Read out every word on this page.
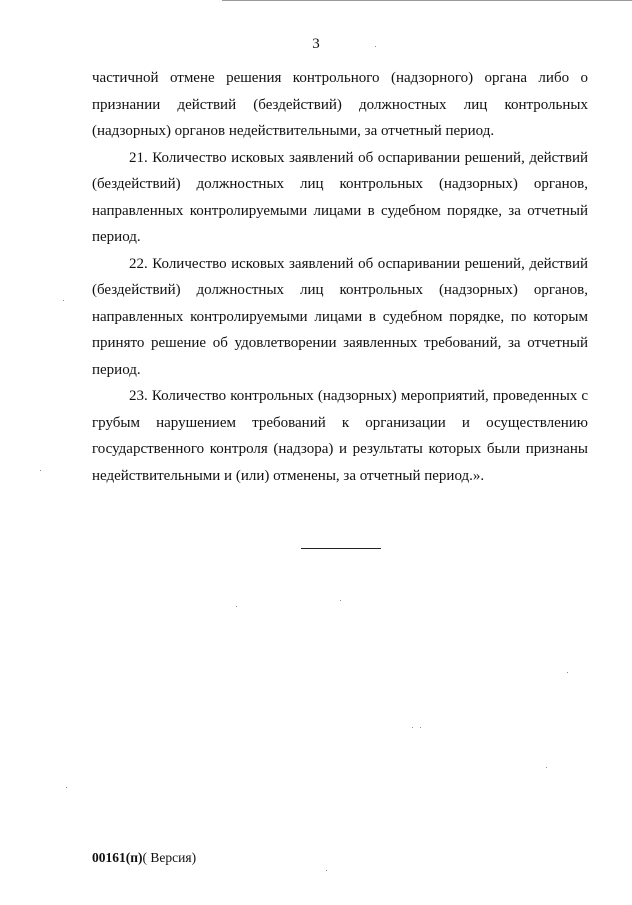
3

частичной отмене решения контрольного (надзорного) органа либо о признании действий (бездействий) должностных лиц контрольных (надзорных) органов недействительными, за отчетный период.

21. Количество исковых заявлений об оспаривании решений, действий (бездействий) должностных лиц контрольных (надзорных) органов, направленных контролируемыми лицами в судебном порядке, за отчетный период.

22. Количество исковых заявлений об оспаривании решений, действий (бездействий) должностных лиц контрольных (надзорных) органов, направленных контролируемыми лицами в судебном порядке, по которым принято решение об удовлетворении заявленных требований, за отчетный период.

23. Количество контрольных (надзорных) мероприятий, проведенных с грубым нарушением требований к организации и осуществлению государственного контроля (надзора) и результаты которых были признаны недействительными и (или) отменены, за отчетный период.».

00161(п)( Версия)
